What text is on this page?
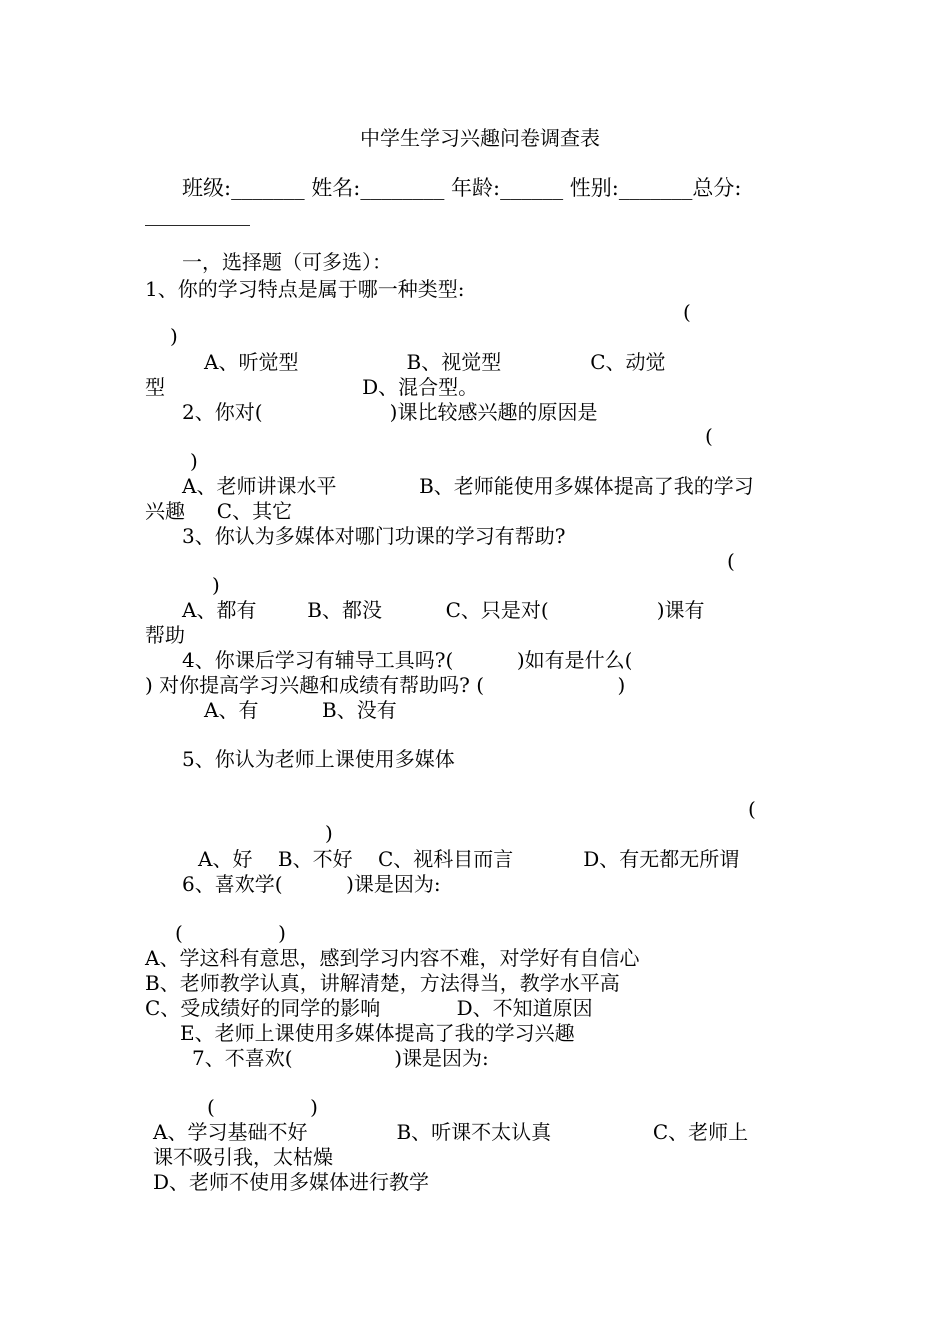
中学生学习兴趣问卷调查表
班级:_______ 姓名:________ 年龄:______ 性别:_______总分:
__________
一，选择题（可多选）：
1、你的学习特点是属于哪一种类型:
(
)
A、听觉型                 B、视觉型              C、动觉
型                               D、混合型。
2、你对(                    )课比较感兴趣的原因是
(
)
A、老师讲课水平             B、老师能使用多媒体提高了我的学习
兴趣     C、其它
3、你认为多媒体对哪门功课的学习有帮助?
(
)
A、都有        B、都没          C、只是对(                 )课有
帮助
4、你课后学习有辅导工具吗?(          )如有是什么(
) 对你提高学习兴趣和成绩有帮助吗? (                     )
A、有          B、没有
5、你认为老师上课使用多媒体
(
)
A、好    B、不好    C、视科目而言           D、有无都无所谓
6、喜欢学(          )课是因为:
(               )
A、学这科有意思，感到学习内容不难，对学好有自信心
B、老师教学认真，讲解清楚，方法得当，教学水平高
C、受成绩好的同学的影响            D、不知道原因
E、老师上课使用多媒体提高了我的学习兴趣
7、不喜欢(                )课是因为:
(               )
A、学习基础不好              B、听课不太认真                C、老师上
课不吸引我，太枯燥
D、老师不使用多媒体进行教学
